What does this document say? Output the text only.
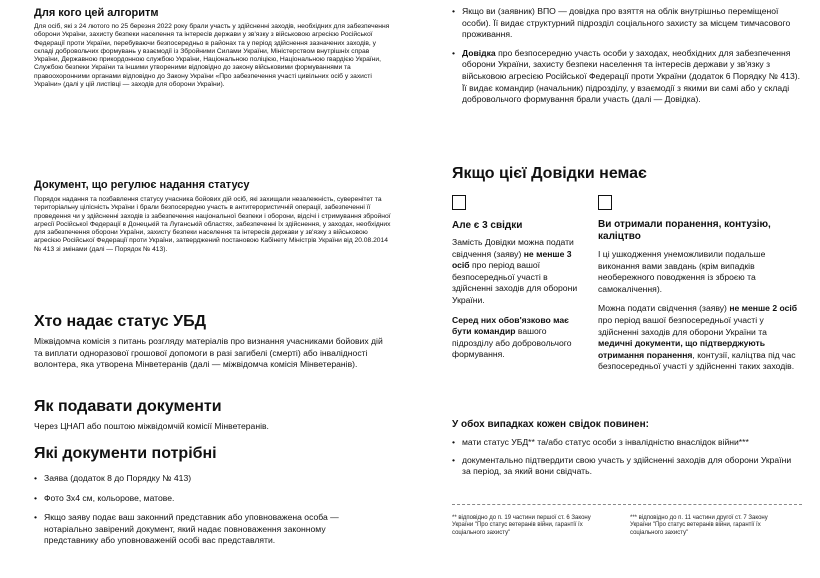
Для кого цей алгоритм

Для осіб, які з 24 лютого по 25 березня 2022 року брали участь у здійсненні заходів, необхідних для забезпечення оборони України, захисту безпеки населення та інтересів держави у зв'язку з військовою агресією Російської Федерації проти України, перебуваючи безпосередньо в районах та у період здійснення зазначених заходів, у складі добровольчих формувань у взаємодії із Збройними Силами України, Міністерством внутрішніх справ України, Державною прикордонною службою України, Національною поліцією, Національною гвардією України, Службою безпеки України та іншими утвореними відповідно до закону військовими формуваннями та правоохоронними органами відповідно до Закону України «Про забезпечення участі цивільних осіб у захисті України» (далі у цій листівці — заходів для оборони України).

Документ, що регулює надання статусу

Порядок надання та позбавлення статусу учасника бойових дій осіб, які захищали незалежність, суверенітет та територіальну цілісність України і брали безпосередню участь в антитерористичній операції, забезпеченні її проведення чи у здійсненні заходів із забезпечення національної безпеки і оборони, відсічі і стримування збройної агресії Російської Федерації в Донецькій та Луганській областях, забезпеченні їх здійснення, у заходах, необхідних для забезпечення оборони України, захисту безпеки населення та інтересів держави у зв'язку з військовою агресією Російської Федерації проти України, затверджений постановою Кабінету Міністрів України від 20.08.2014 № 413 зі змінами (далі — Порядок № 413).

Хто надає статус УБД

Міжвідомча комісія з питань розгляду матеріалів про визнання учасниками бойових дій та виплати одноразової грошової допомоги в разі загибелі (смерті) або інвалідності волонтера, яка утворена Мінветеранів (далі — міжвідомча комісія Мінветеранів).

Як подавати документи

Через ЦНАП або поштою міжвідомчій комісії Мінветеранів.

Які документи потрібні
• Заява (додаток 8 до Порядку № 413)
• Фото 3х4 см, кольорове, матове.
• Якщо заяву подає ваш законний представник або уповноважена особа — нотаріально завірений документ, який надає повноваження законному представнику або уповноваженій особі вас представляти.
• Якщо ви (заявник) ВПО — довідка про взяття на облік внутрішньо переміщеної особи). Її видає структурний підрозділ соціального захисту за місцем тимчасового проживання.
• Довідка про безпосередню участь особи у заходах, необхідних для забезпечення оборони України, захисту безпеки населення та інтересів держави у зв'язку з військовою агресією Російської Федерації проти України (додаток 6 Порядку № 413). Її видає командир (начальник) підрозділу, у взаємодії з якими ви самі або у складі добровольчого формування брали участь (далі — Довідка).
Якщо цієї Довідки немає
Але є 3 свідки

Замість Довідки можна подати свідчення (заяву) не менше 3 осіб про період вашої безпосередньої участі в здійсненні заходів для оборони України.

Серед них обов'язково має бути командир вашого підрозділу або добровольчого формування.

Ви отримали поранення, контузію, каліцтво

І ці ушкодження унеможливили подальше виконання вами завдань (крім випадків необережного поводження із зброєю та самокалічення).

Можна подати свідчення (заяву) не менше 2 осіб про період вашої безпосередньої участі у здійсненні заходів для оборони України та медичні документи, що підтверджують отримання поранення, контузії, каліцтва під час безпосередньої участі у здійсненні таких заходів.

У обох випадках кожен свідок повинен:
• мати статус УБД** та/або статус особи з інвалідністю внаслідок війни***
• документально підтвердити свою участь у здійсненні заходів для оборони України за період, за який вони свідчать.

** відповідно до п. 19 частини першої ст. 6 Закону України "Про статус ветеранів війни, гарантії їх соціального захисту"

*** відповідно до п. 11 частини другої ст. 7 Закону України "Про статус ветеранів війни, гарантії їх соціального захисту"
